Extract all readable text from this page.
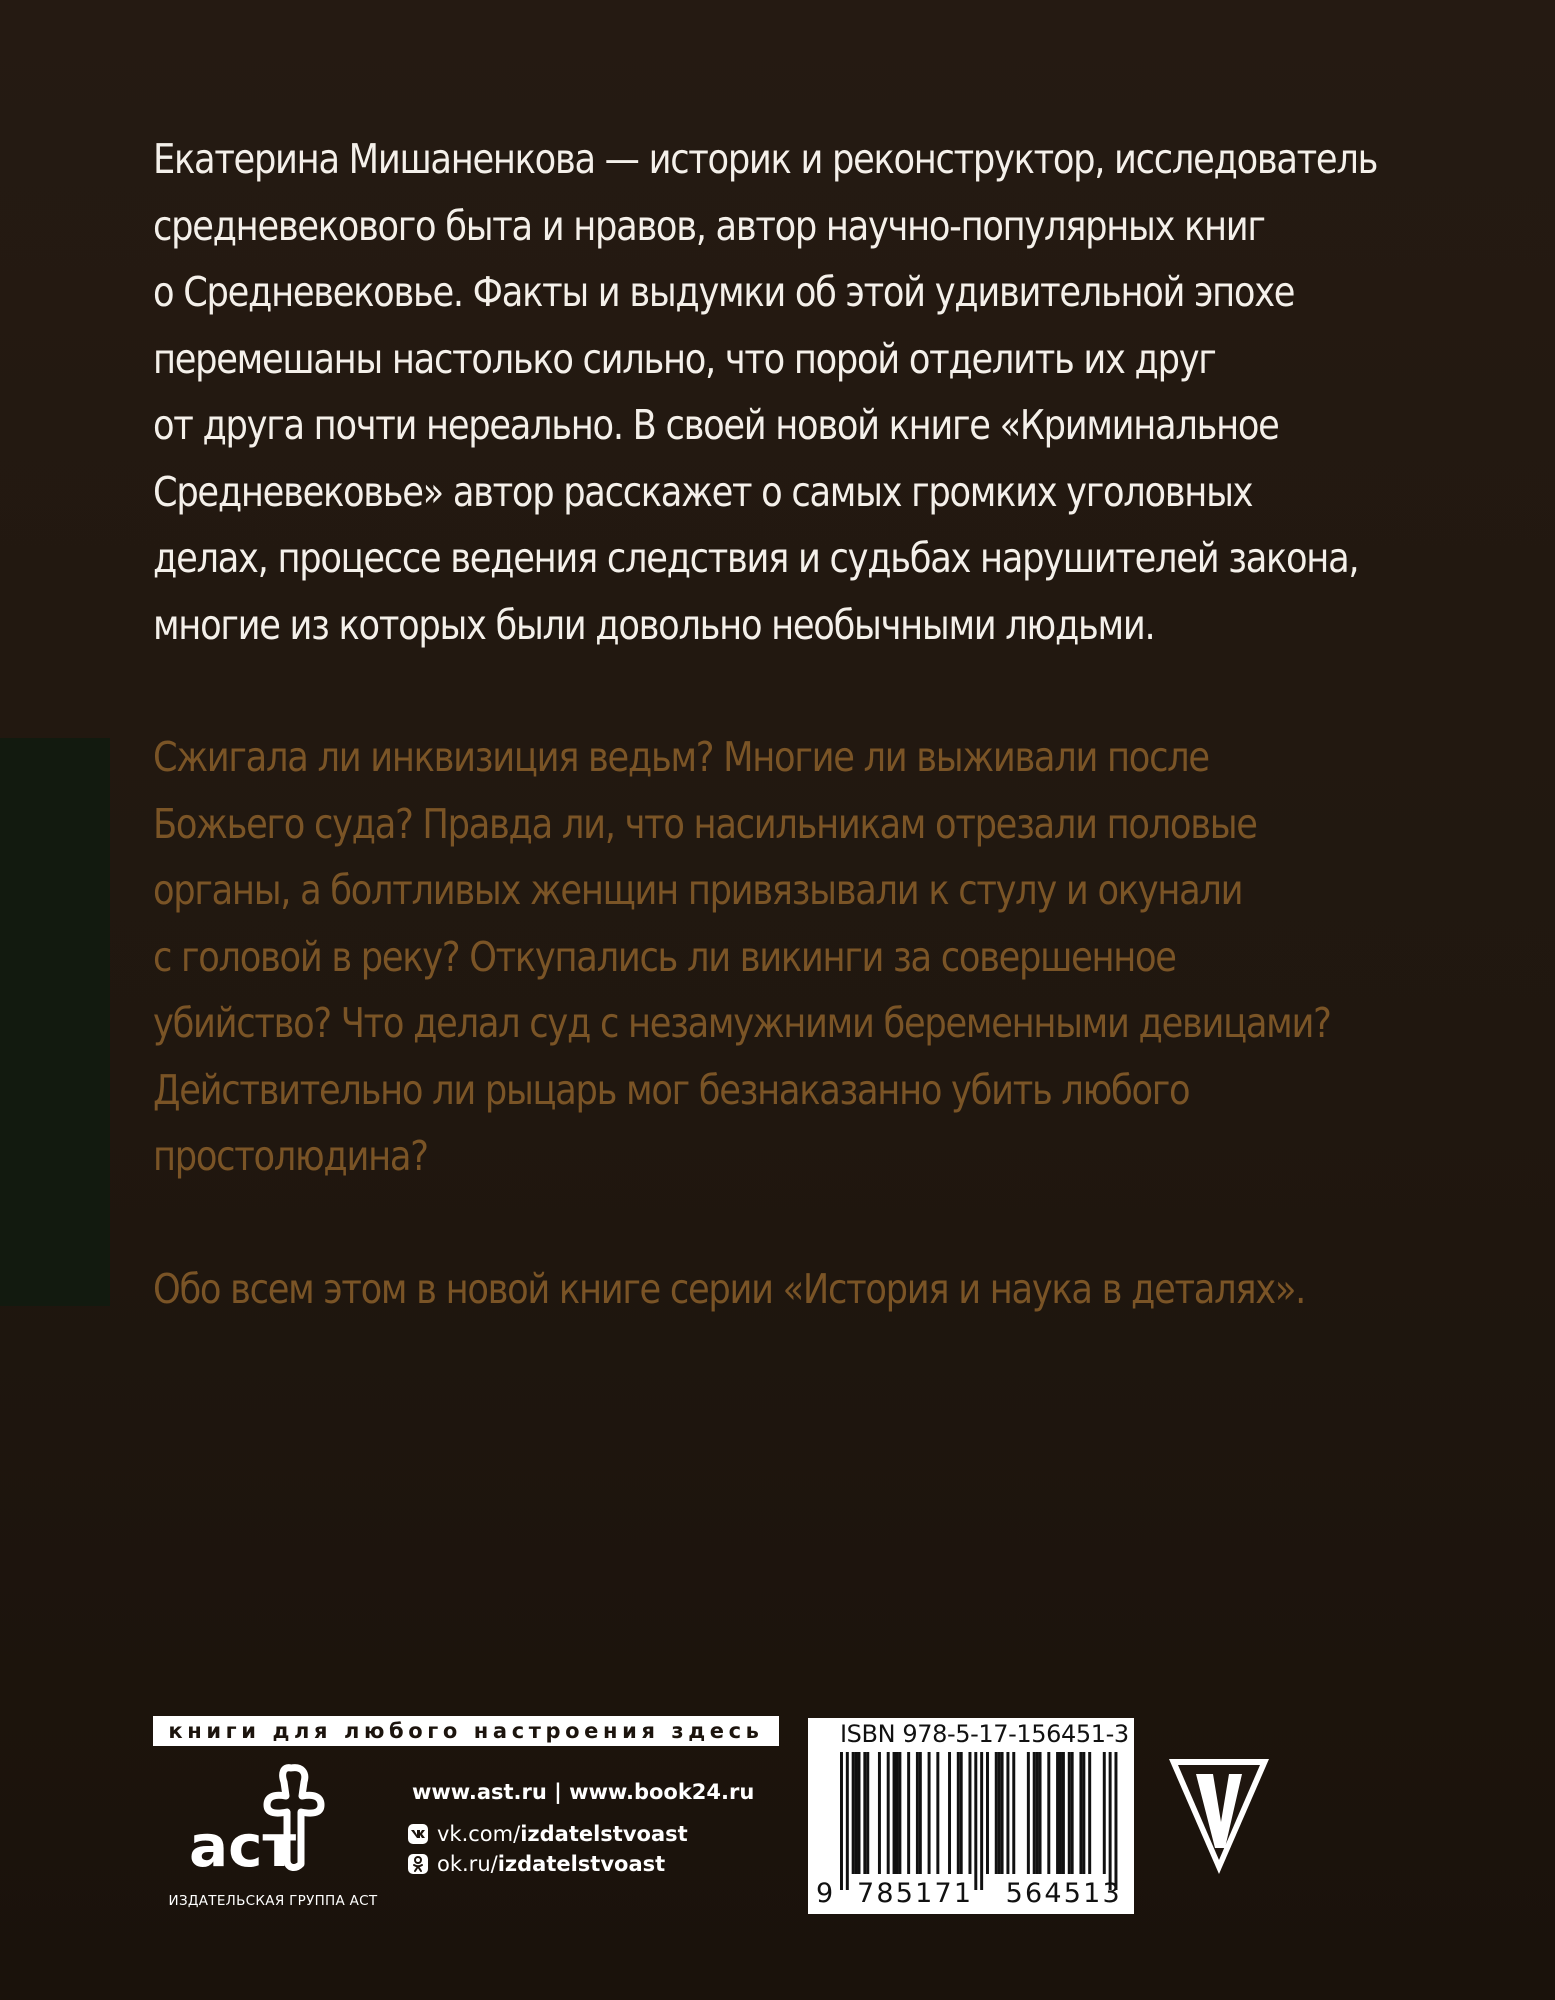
Екатерина Мишаненкова — историк и реконструктор, исследователь
средневекового быта и нравов, автор научно-популярных книг
о Средневековье. Факты и выдумки об этой удивительной эпохе
перемешаны настолько сильно, что порой отделить их друг
от друга почти нереально. В своей новой книге «Криминальное
Средневековье» автор расскажет о самых громких уголовных
делах, процессе ведения следствия и судьбах нарушителей закона,
многие из которых были довольно необычными людьми.
Сжигала ли инквизиция ведьм? Многие ли выживали после
Божьего суда? Правда ли, что насильникам отрезали половые
органы, а болтливых женщин привязывали к стулу и окунали
с головой в реку? Откупались ли викинги за совершенное
убийство? Что делал суд с незамужними беременными девицами?
Действительно ли рыцарь мог безнаказанно убить любого
простолюдина?
Обо всем этом в новой книге серии «История и наука в деталях».
книги для любого настроения здесь
аст
ИЗДАТЕЛЬСКАЯ ГРУППА АСТ
www.ast.ru | www.book24.ru
vk.com/ izdatelstvoast
ok.ru/ izdatelstvoast
ISBN 978-5-17-156451-3
9 785171 564513
